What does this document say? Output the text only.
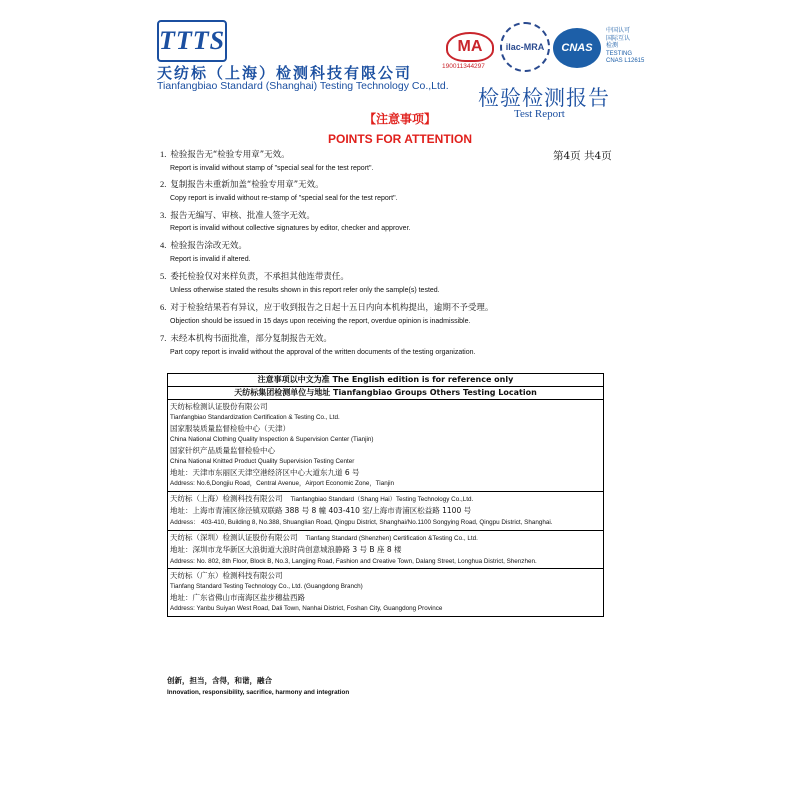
TTTS
天纺标（上海）检测科技有限公司
Tianfangbiao Standard (Shanghai) Testing Technology Co.,Ltd.
MA
190011344297
ilac-MRA	CNAS
中国认可
国际互认
检测
TESTING
CNAS L12615
检验检测报告
Test Report
【注意事项】
POINTS FOR ATTENTION
第4页 共4页
1. 检验报告无“检验专用章”无效。
Report is invalid without stamp of "special seal for the test report".
2. 复制报告未重新加盖“检验专用章”无效。
Copy report is invalid without re-stamp of "special seal for the test report".
3. 报告无编写、审核、批准人签字无效。
Report is invalid without collective signatures by editor, checker and approver.
4. 检验报告涂改无效。
Report is invalid if altered.
5. 委托检验仅对来样负责，不承担其他连带责任。
Unless otherwise stated the results shown in this report refer only the sample(s) tested.
6. 对于检验结果若有异议，应于收到报告之日起十五日内向本机构提出，逾期不予受理。
Objection should be issued in 15 days upon receiving the report, overdue opinion is inadmissible.
7. 未经本机构书面批准，部分复制报告无效。
Part copy report is invalid without the approval of the written documents of the testing organization.
注意事项以中文为准 The English edition is for reference only
天纺标集团检测单位与地址 Tianfangbiao Groups Others Testing Location
天纺标检测认证股份有限公司
Tianfangbiao Standardization Certification & Testing Co., Ltd.
国家服装质量监督检验中心（天津）
China National Clothing Quality Inspection & Supervision Center (Tianjin)
国家针织产品质量监督检验中心
China National Knitted Product Quality Supervision Testing Center
地址：天津市东丽区天津空港经济区中心大道东九道 6 号
Address: No.6,Dongjiu Road，Central Avenue，Airport Economic Zone，Tianjin
天纺标（上海）检测科技有限公司 Tianfangbiao Standard（Shang Hai）Testing Technology Co.,Ltd.
地址：上海市青浦区徐泾镇双联路 388 号 8 幢 403-410 室/上海市青浦区松益路 1100 号
Address： 403-410, Building 8, No.388, Shuanglian Road, Qingpu District, Shanghai/No.1100 Songying Road, Qingpu District, Shanghai.
天纺标（深圳）检测认证股份有限公司 Tianfang Standard (Shenzhen) Certification &Testing Co., Ltd.
地址：深圳市龙华新区大浪街道大浪时尚创意城浪静路 3 号 B 座 8 楼
Address: No. 802, 8th Floor, Block B, No.3, Langjing Road, Fashion and Creative Town, Dalang Street, Longhua District, Shenzhen.
天纺标（广东）检测科技有限公司
Tianfang Standard Testing Technology Co., Ltd. (Guangdong Branch)
地址：广东省佛山市南海区盐步穗盐西路
Address: Yanbu Suiyan West Road, Dali Town, Nanhai District, Foshan City, Guangdong Province
创新，担当，含得，和谐，融合
Innovation, responsibility, sacrifice, harmony and integration
